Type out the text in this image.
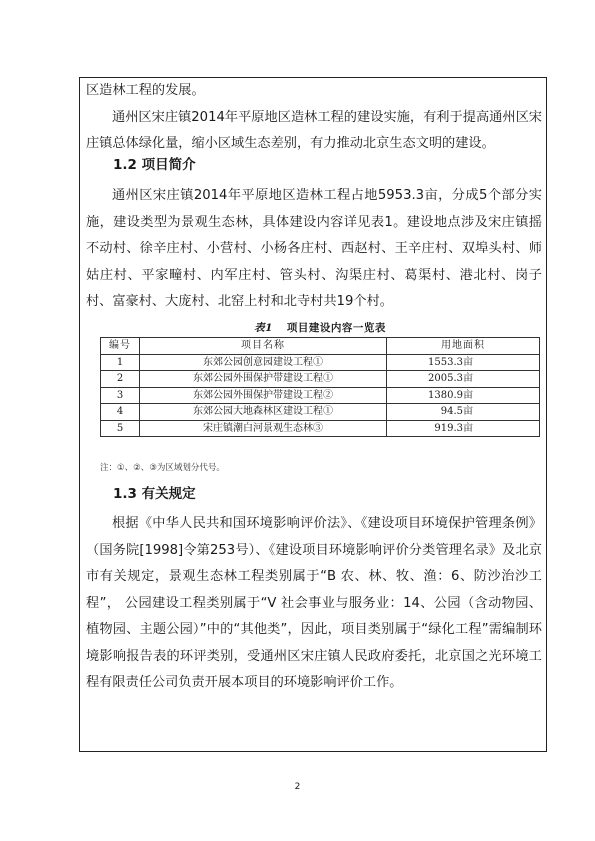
区造林工程的发展。

通州区宋庄镇2014年平原地区造林工程的建设实施，有利于提高通州区宋庄镇总体绿化量，缩小区域生态差别，有力推动北京生态文明的建设。

1.2 项目简介

通州区宋庄镇2014年平原地区造林工程占地5953.3亩，分成5个部分实施，建设类型为景观生态林，具体建设内容详见表1。建设地点涉及宋庄镇摇不动村、徐辛庄村、小营村、小杨各庄村、西赵村、王辛庄村、双埠头村、师姑庄村、平家疃村、内军庄村、管头村、沟渠庄村、葛渠村、港北村、岗子村、富豪村、大庞村、北窑上村和北寺村共19个村。

表1 项目建设内容一览表
编号	项目名称	用地面积
1	东郊公园创意园建设工程①	1553.3亩
2	东郊公园外围保护带建设工程①	2005.3亩
3	东郊公园外围保护带建设工程②	1380.9亩
4	东郊公园大地森林区建设工程①	94.5亩
5	宋庄镇潮白河景观生态林③	919.3亩
注：①、②、③为区域划分代号。
1.3 有关规定

根据《中华人民共和国环境影响评价法》、《建设项目环境保护管理条例》（国务院[1998]令第253号）、《建设项目环境影响评价分类管理名录》及北京市有关规定，景观生态林工程类别属于“B 农、林、牧、渔：6、防沙治沙工程”， 公园建设工程类别属于“V 社会事业与服务业：14、公园（含动物园、植物园、主题公园）”中的“其他类”，因此，项目类别属于“绿化工程”需编制环境影响报告表的环评类别，受通州区宋庄镇人民政府委托，北京国之光环境工程有限责任公司负责开展本项目的环境影响评价工作。

2
